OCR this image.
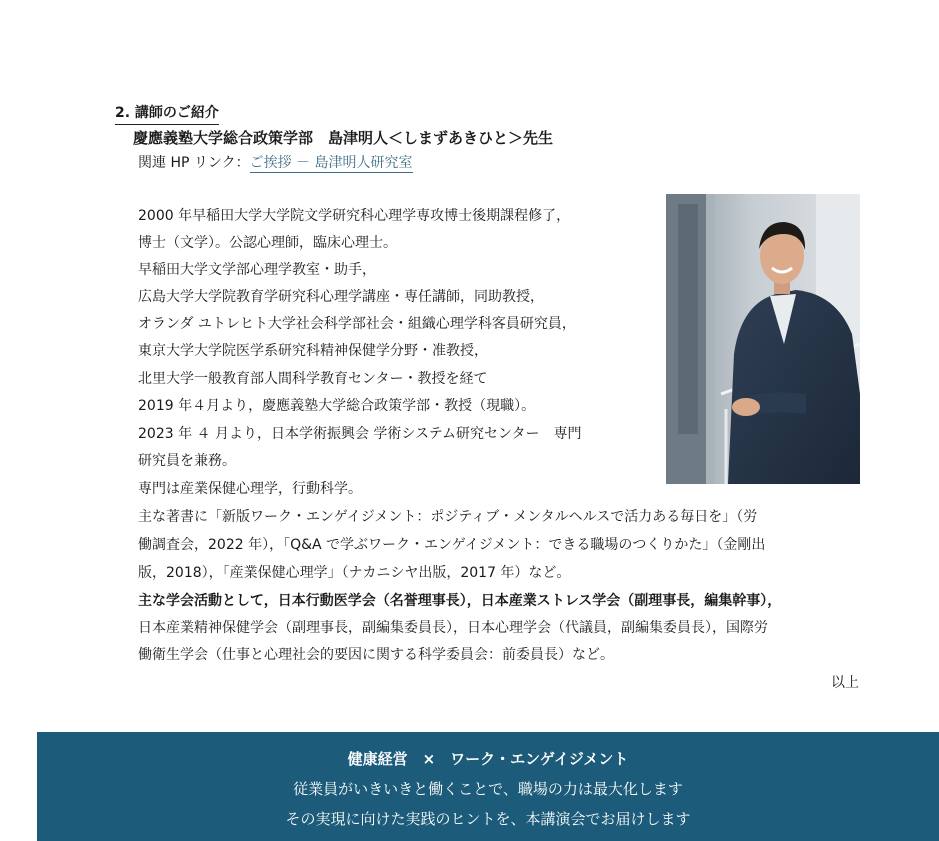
2. 講師のご紹介
慶應義塾大学総合政策学部　島津明人＜しまずあきひと＞先生
関連 HP リンク：ご挨拶 － 島津明人研究室
2000 年早稲田大学大学院文学研究科心理学専攻博士後期課程修了，
博士（文学）。公認心理師，臨床心理士。
早稲田大学文学部心理学教室・助手，
広島大学大学院教育学研究科心理学講座・専任講師，同助教授，
オランダ ユトレヒト大学社会科学部社会・組織心理学科客員研究員，
東京大学大学院医学系研究科精神保健学分野・准教授，
北里大学一般教育部人間科学教育センター・教授を経て
2019 年４月より，慶應義塾大学総合政策学部・教授（現職）。
2023 年 ４ 月より，日本学術振興会 学術システム研究センター　専門
研究員を兼務。
専門は産業保健心理学，行動科学。
主な著書に「新版ワーク・エンゲイジメント：ポジティブ・メンタルヘルスで活力ある毎日を」（労
働調査会，2022 年），「Q&A で学ぶワーク・エンゲイジメント：できる職場のつくりかた」（金剛出
版，2018），「産業保健心理学」（ナカニシヤ出版，2017 年）など。
主な学会活動として，日本行動医学会（名誉理事長），日本産業ストレス学会（副理事長，編集幹事），
日本産業精神保健学会（副理事長，副編集委員長），日本心理学会（代議員，副編集委員長），国際労
働衛生学会（仕事と心理社会的要因に関する科学委員会：前委員長）など。
以上
健康経営　×　ワーク・エンゲイジメント
従業員がいきいきと働くことで、職場の力は最大化します
その実現に向けた実践のヒントを、本講演会でお届けします
